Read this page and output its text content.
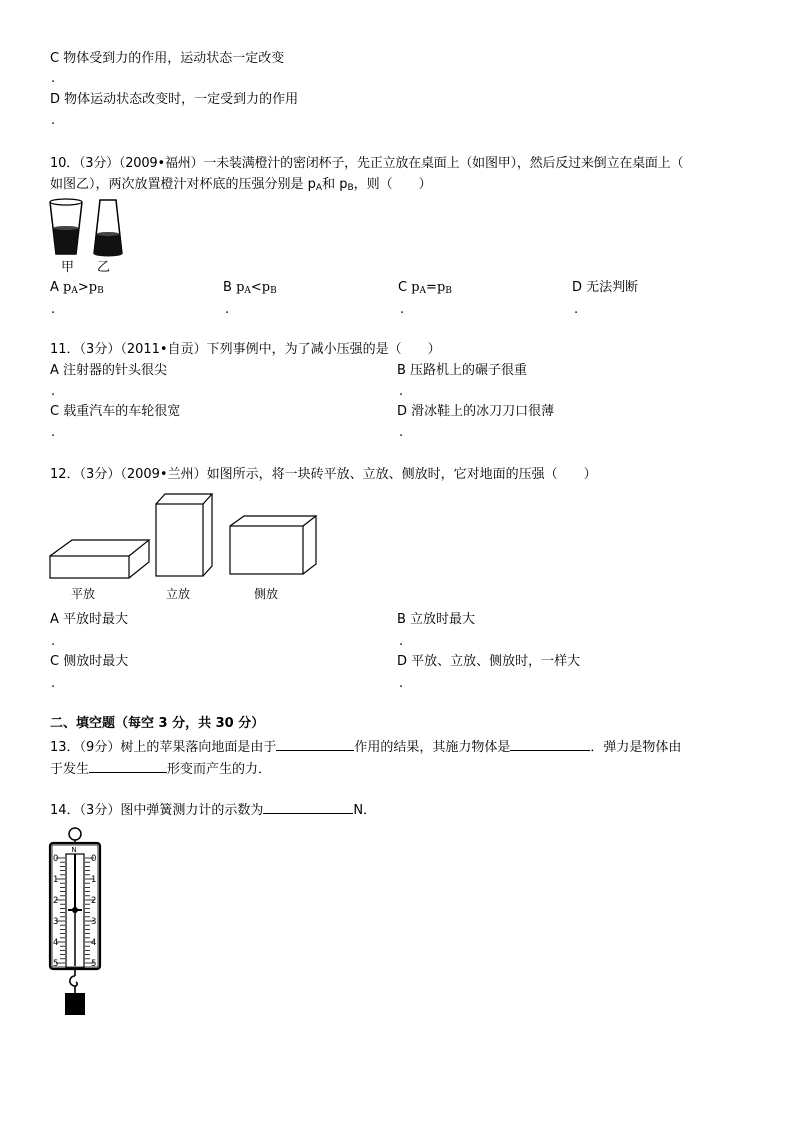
C 物体受到力的作用，运动状态一定改变
.
D 物体运动状态改变时，一定受到力的作用
.
10．（3分）（2009•福州）一未装满橙汁的密闭杯子，先正立放在桌面上（如图甲），然后反过来倒立在桌面上（
如图乙），两次放置橙汁对杯底的压强分别是 $p_A$和 $p_B$，则（　　）
甲 乙
A $p_A>p_B$	B $p_A<p_B$	C $p_A=p_B$	D 无法判断
.	.	.	.
11．（3分）（2011•自贡）下列事例中，为了减小压强的是（　　）
A 注射器的针头很尖	B 压路机上的碾子很重
.	.
C 载重汽车的车轮很宽	D 滑冰鞋上的冰刀刀口很薄
.	.
12．（3分）（2009•兰州）如图所示，将一块砖平放、立放、侧放时，它对地面的压强（　　）
平放	立放	侧放
A 平放时最大	B 立放时最大
.	.
C 侧放时最大	D 平放、立放、侧放时，一样大
.	.
二、填空题（每空 3 分，共 30 分）
13．（9分）树上的苹果落向地面是由于	作用的结果，其施力物体是	．弹力是物体由
于发生	形变而产生的力．
14．（3分）图中弹簧测力计的示数为	N．
N
0	0
1	1
2	2
3	3
4	4
5	5
